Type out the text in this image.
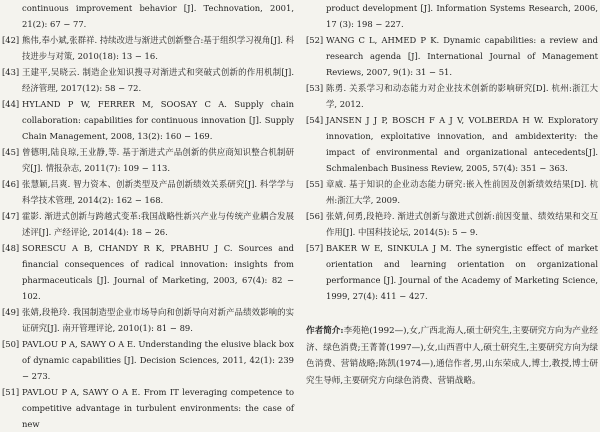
continuous improvement behavior [J]. Technovation, 2001, 21(2): 67 − 77.

[42] 熊伟,奉小斌,张群祥. 持续改进与渐进式创新整合:基于组织学习视角[J]. 科技进步与对策, 2010(18): 13 − 16.

[43] 王建平,吴晓云. 制造企业知识搜寻对渐进式和突破式创新的作用机制[J]. 经济管理, 2017(12): 58 − 72.

[44] HYLAND P W, FERRER M, SOOSAY C A. Supply chain collaboration: capabilities for continuous innovation [J]. Supply Chain Management, 2008, 13(2): 160 − 169.

[45] 曾德明,陆良琼,王业静,等. 基于渐进式产品创新的供应商知识整合机制研究[J]. 情报杂志, 2011(7): 109 − 113.

[46] 张慧颖,吕爽. 智力资本、创新类型及产品创新绩效关系研究[J]. 科学学与科学技术管理, 2014(2): 162 − 168.

[47] 霍影. 渐进式创新与跨越式变革:我国战略性新兴产业与传统产业耦合发展述评[J]. 产经评论, 2014(4): 18 − 26.

[48] SORESCU A B, CHANDY R K, PRABHU J C. Sources and financial consequences of radical innovation: insights from pharmaceuticals [J]. Journal of Marketing, 2003, 67(4): 82 − 102.

[49] 张婧,段艳玲. 我国制造型企业市场导向和创新导向对新产品绩效影响的实证研究[J]. 南开管理评论, 2010(1): 81 − 89.

[50] PAVLOU P A, SAWY O A E. Understanding the elusive black box of dynamic capabilities [J]. Decision Sciences, 2011, 42(1): 239 − 273.

[51] PAVLOU P A, SAWY O A E. From IT leveraging competence to competitive advantage in turbulent environments: the case of new

product development [J]. Information Systems Research, 2006, 17 (3): 198 − 227.

[52] WANG C L, AHMED P K. Dynamic capabilities: a review and research agenda [J]. International Journal of Management Reviews, 2007, 9(1): 31 − 51.

[53] 陈勇. 关系学习和动态能力对企业技术创新的影响研究[D]. 杭州:浙江大学, 2012.

[54] JANSEN J J P, BOSCH F A J V, VOLBERDA H W. Exploratory innovation, exploitative innovation, and ambidexterity: the impact of environmental and organizational antecedents[J]. Schmalenbach Business Review, 2005, 57(4): 351 − 363.

[55] 章威. 基于知识的企业动态能力研究:嵌入性前因及创新绩效结果[D]. 杭州:浙江大学, 2009.

[56] 张婧,何勇,段艳玲. 渐进式创新与激进式创新:前因变量、绩效结果和交互作用[J]. 中国科技论坛, 2014(5): 5 − 9.

[57] BAKER W E, SINKULA J M. The synergistic effect of market orientation and learning orientation on organizational performance [J]. Journal of the Academy of Marketing Science, 1999, 27(4): 411 − 427.

作者简介:李苑艳(1992—),女,广西北海人,硕士研究生,主要研究方向为产业经济、绿色消费;王菁菁(1997—),女,山西晋中人,硕士研究生,主要研究方向为绿色消费、营销战略;陈凯(1974—),通信作者,男,山东荣成人,博士,教授,博士研究生导师,主要研究方向绿色消费、营销战略。
